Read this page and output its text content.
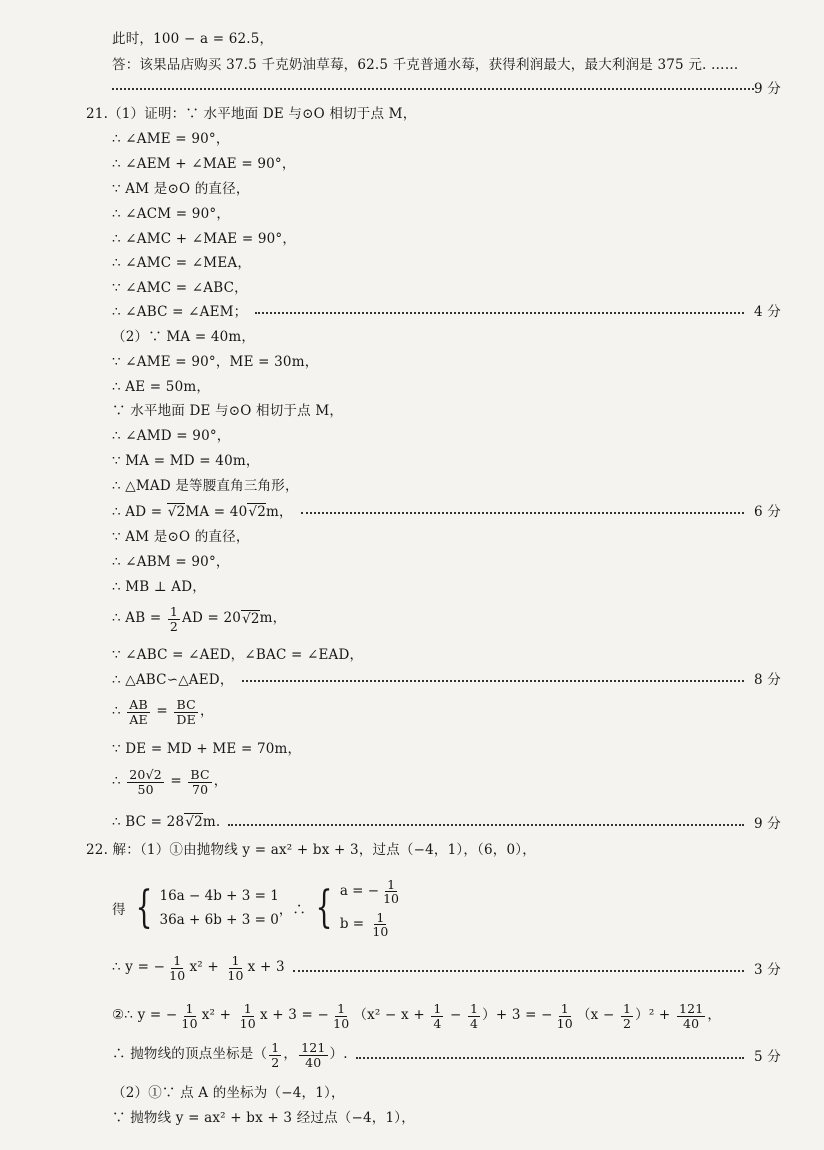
此时，100 − a = 62.5，
答：该果品店购买 37.5 千克奶油草莓，62.5 千克普通水莓，获得利润最大，最大利润是 375 元. ……
9 分
21.（1）证明：∵ 水平地面 DE 与⊙O 相切于点 M，
∴ ∠AME = 90°，
∴ ∠AEM + ∠MAE = 90°，
∵ AM 是⊙O 的直径，
∴ ∠ACM = 90°，
∴ ∠AMC + ∠MAE = 90°，
∴ ∠AMC = ∠MEA，
∵ ∠AMC = ∠ABC，
∴ ∠ABC = ∠AEM；	4 分
（2）∵ MA = 40m，
∵ ∠AME = 90°，ME = 30m，
∴ AE = 50m，
∵ 水平地面 DE 与⊙O 相切于点 M，
∴ ∠AMD = 90°，
∵ MA = MD = 40m，
∴ △MAD 是等腰直角三角形，
∴ AD = √2MA = 40√2m，	6 分
∵ AM 是⊙O 的直径，
∴ ∠ABM = 90°，
∴ MB ⊥ AD，
∴ AB = $\frac{1}{2}$ AD = 20√2m，
∵ ∠ABC = ∠AED，∠BAC = ∠EAD，
∴ △ABC∽△AED，	8 分
∴ $\frac{AB}{AE} = \frac{BC}{DE}$ ，
∵ DE = MD + ME = 70m，
∴ $\frac{20√2}{50} = \frac{BC}{70}$ ，
∴ BC = 28√2m.	9 分
22. 解：（1）①由抛物线 y = ax² + bx + 3，过点（−4，1），（6，0），
得 { 16a − 4b + 3 = 1
36a + 6b + 3 = 0
，∴ { a = − $\frac{1}{10}$
$b = \frac{1}{10}$
∴ y = − $\frac{1}{10} x^2 + \frac{1}{10}$ x + 3	3 分
②∴ y = − $\frac{1}{10} x^2 + \frac{1}{10}$ x + 3 = − $\frac{1}{10} (x^2 - x + \frac{1}{4} - \frac{1}{4}$ ）+ 3 = − $\frac{1}{10} (x - \frac{1}{2} )^2 + \frac{121}{40}$ ，
∴ 抛物线的顶点坐标是（ $\frac{1}{2}$ ， $\frac{121}{40}$ ）.	5 分
（2）①∵ 点 A 的坐标为（−4，1），
∵ 抛物线 y = ax² + bx + 3 经过点（−4，1），
